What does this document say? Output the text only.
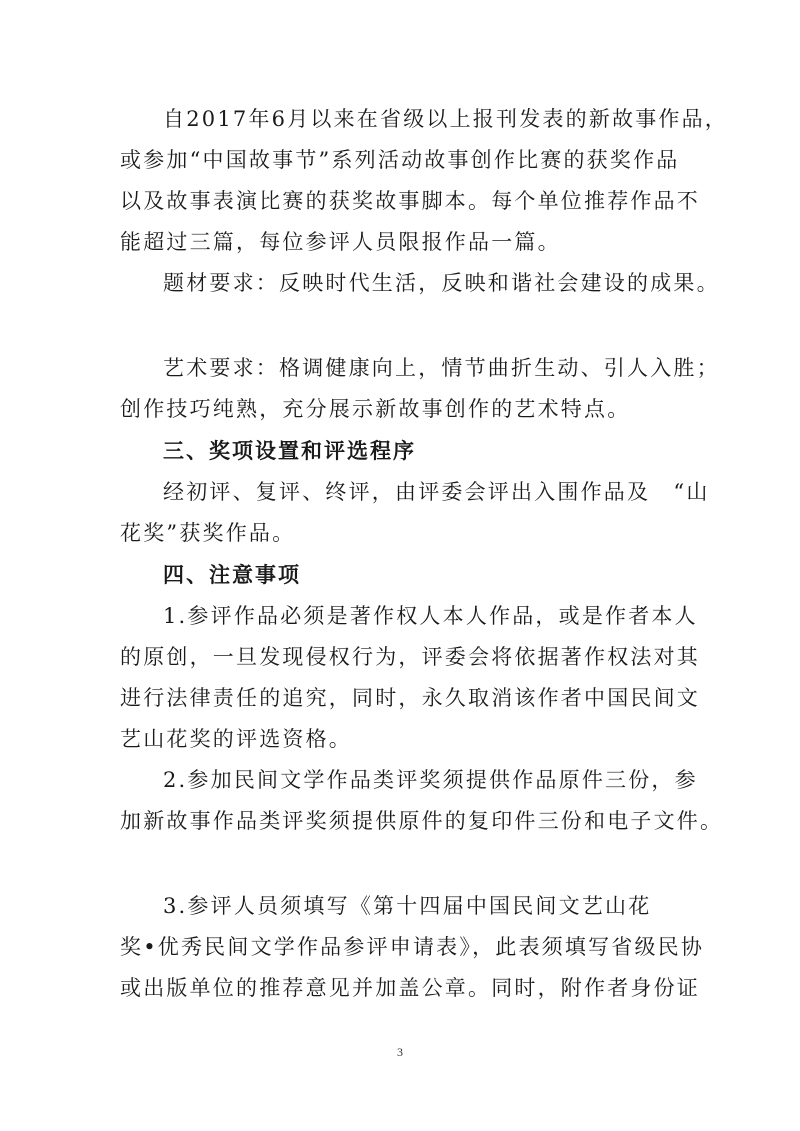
自2017年6月以来在省级以上报刊发表的新故事作品，
或参加“中国故事节”系列活动故事创作比赛的获奖作品
以及故事表演比赛的获奖故事脚本。每个单位推荐作品不
能超过三篇，每位参评人员限报作品一篇。
题材要求：反映时代生活，反映和谐社会建设的成果。
艺术要求：格调健康向上，情节曲折生动、引人入胜；
创作技巧纯熟，充分展示新故事创作的艺术特点。
三、奖项设置和评选程序
经初评、复评、终评，由评委会评出入围作品及　“山
花奖”获奖作品。
四、注意事项
1.参评作品必须是著作权人本人作品，或是作者本人
的原创，一旦发现侵权行为，评委会将依据著作权法对其
进行法律责任的追究，同时，永久取消该作者中国民间文
艺山花奖的评选资格。
2.参加民间文学作品类评奖须提供作品原件三份，参
加新故事作品类评奖须提供原件的复印件三份和电子文件。
3.参评人员须填写《第十四届中国民间文艺山花
奖•优秀民间文学作品参评申请表》，此表须填写省级民协
或出版单位的推荐意见并加盖公章。同时，附作者身份证
3
